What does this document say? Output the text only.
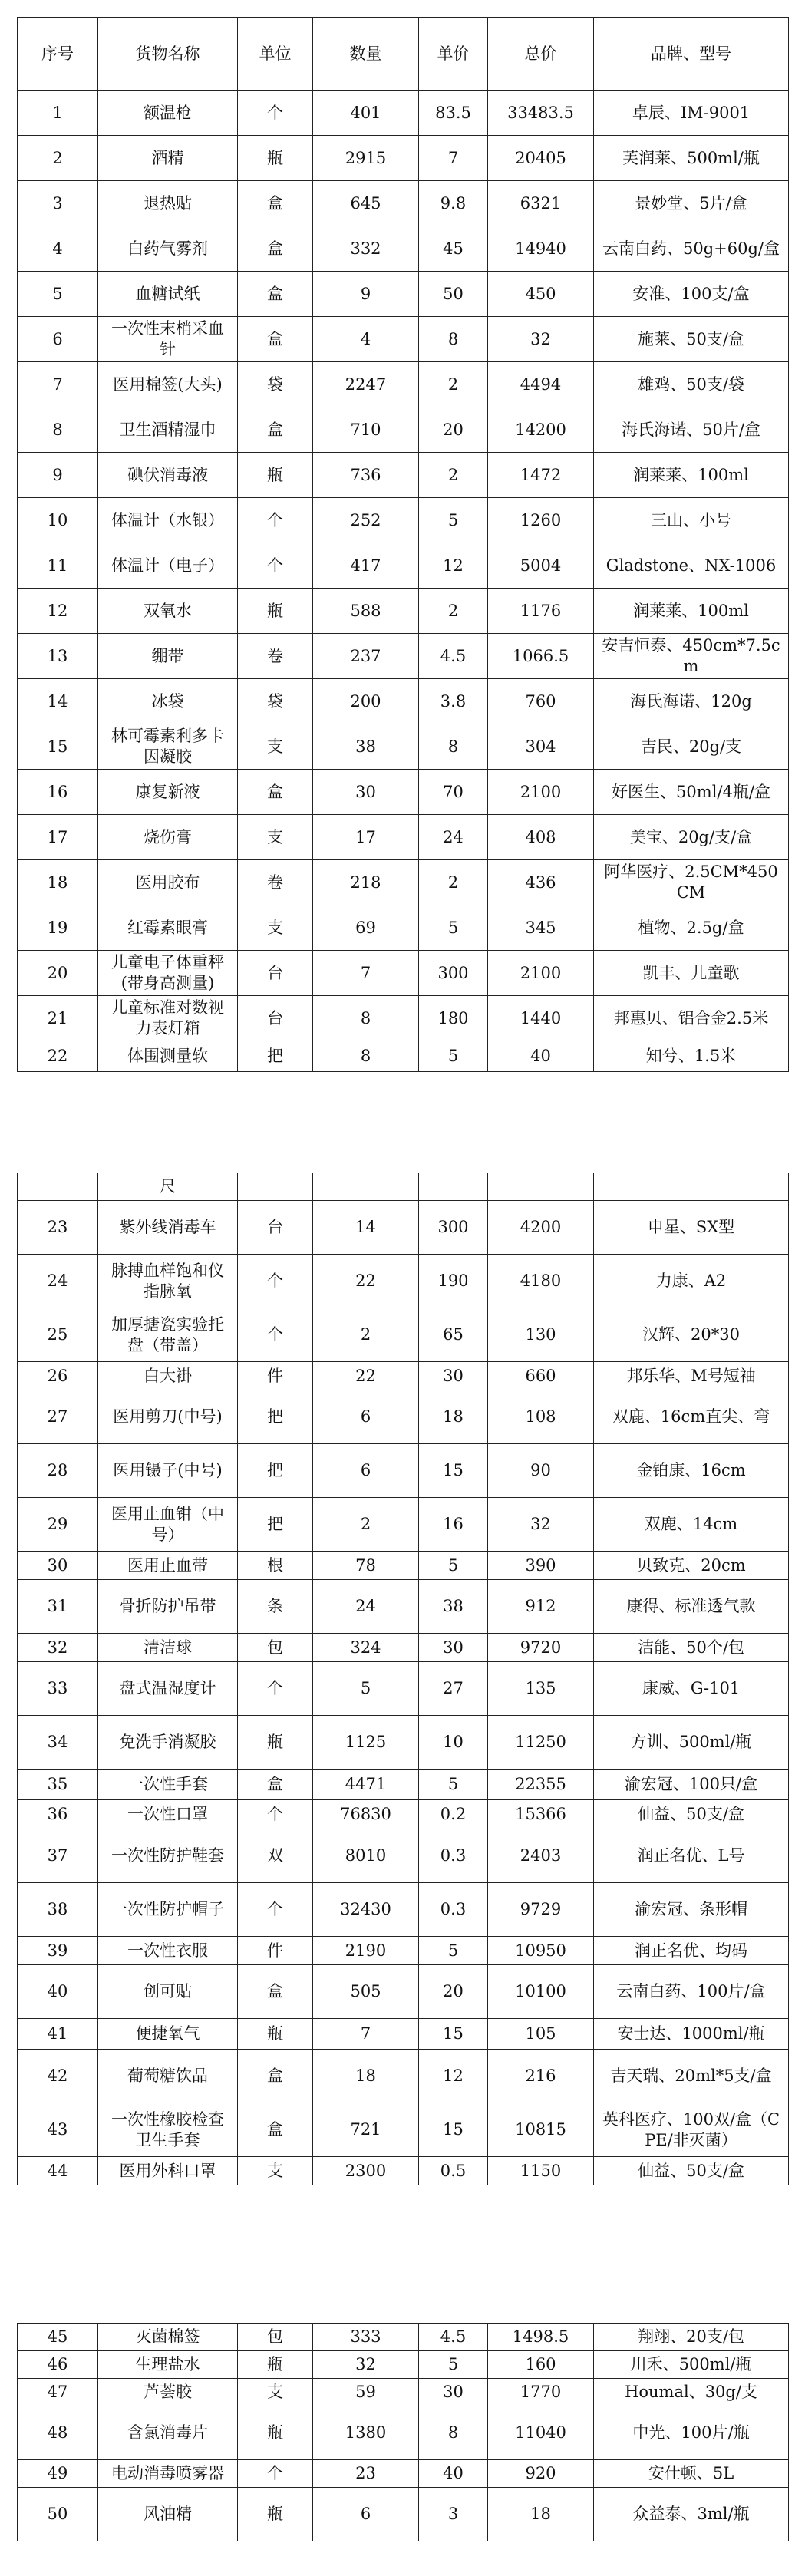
序号	货物名称	单位	数量	单价	总价	品牌、型号
1	额温枪	个	401	83.5	33483.5	卓辰、IM-9001
2	酒精	瓶	2915	7	20405	芙润莱、500ml/瓶
3	退热贴	盒	645	9.8	6321	景妙堂、5片/盒
4	白药气雾剂	盒	332	45	14940	云南白药、50g+60g/盒
5	血糖试纸	盒	9	50	450	安准、100支/盒
6	一次性末梢采血针	盒	4	8	32	施莱、50支/盒
7	医用棉签(大头)	袋	2247	2	4494	雄鸡、50支/袋
8	卫生酒精湿巾	盒	710	20	14200	海氏海诺、50片/盒
9	碘伏消毒液	瓶	736	2	1472	润莱莱、100ml
10	体温计（水银）	个	252	5	1260	三山、小号
11	体温计（电子）	个	417	12	5004	Gladstone、NX-1006
12	双氧水	瓶	588	2	1176	润莱莱、100ml
13	绷带	卷	237	4.5	1066.5	安吉恒泰、450cm*7.5cm
14	冰袋	袋	200	3.8	760	海氏海诺、120g
15	林可霉素利多卡因凝胶	支	38	8	304	吉民、20g/支
16	康复新液	盒	30	70	2100	好医生、50ml/4瓶/盒
17	烧伤膏	支	17	24	408	美宝、20g/支/盒
18	医用胶布	卷	218	2	436	阿华医疗、2.5CM*450CM
19	红霉素眼膏	支	69	5	345	植物、2.5g/盒
20	儿童电子体重秤(带身高测量)	台	7	300	2100	凯丰、儿童歌
21	儿童标准对数视力表灯箱	台	8	180	1440	邦惠贝、铝合金2.5米
22	体围测量软	把	8	5	40	知兮、1.5米
	尺					
23	紫外线消毒车	台	14	300	4200	申星、SX型
24	脉搏血样饱和仪指脉氧	个	22	190	4180	力康、A2
25	加厚搪瓷实验托盘（带盖）	个	2	65	130	汉辉、20*30
26	白大褂	件	22	30	660	邦乐华、M号短袖
27	医用剪刀(中号)	把	6	18	108	双鹿、16cm直尖、弯
28	医用镊子(中号)	把	6	15	90	金铂康、16cm
29	医用止血钳（中号）	把	2	16	32	双鹿、14cm
30	医用止血带	根	78	5	390	贝致克、20cm
31	骨折防护吊带	条	24	38	912	康得、标准透气款
32	清洁球	包	324	30	9720	洁能、50个/包
33	盘式温湿度计	个	5	27	135	康威、G-101
34	免洗手消凝胶	瓶	1125	10	11250	方训、500ml/瓶
35	一次性手套	盒	4471	5	22355	渝宏冠、100只/盒
36	一次性口罩	个	76830	0.2	15366	仙益、50支/盒
37	一次性防护鞋套	双	8010	0.3	2403	润正名优、L号
38	一次性防护帽子	个	32430	0.3	9729	渝宏冠、条形帽
39	一次性衣服	件	2190	5	10950	润正名优、均码
40	创可贴	盒	505	20	10100	云南白药、100片/盒
41	便捷氧气	瓶	7	15	105	安士达、1000ml/瓶
42	葡萄糖饮品	盒	18	12	216	吉天瑞、20ml*5支/盒
43	一次性橡胶检查卫生手套	盒	721	15	10815	英科医疗、100双/盒（CPE/非灭菌）
44	医用外科口罩	支	2300	0.5	1150	仙益、50支/盒
45	灭菌棉签	包	333	4.5	1498.5	翔翊、20支/包
46	生理盐水	瓶	32	5	160	川禾、500ml/瓶
47	芦荟胶	支	59	30	1770	Houmal、30g/支
48	含氯消毒片	瓶	1380	8	11040	中光、100片/瓶
49	电动消毒喷雾器	个	23	40	920	安仕顿、5L
50	风油精	瓶	6	3	18	众益泰、3ml/瓶
